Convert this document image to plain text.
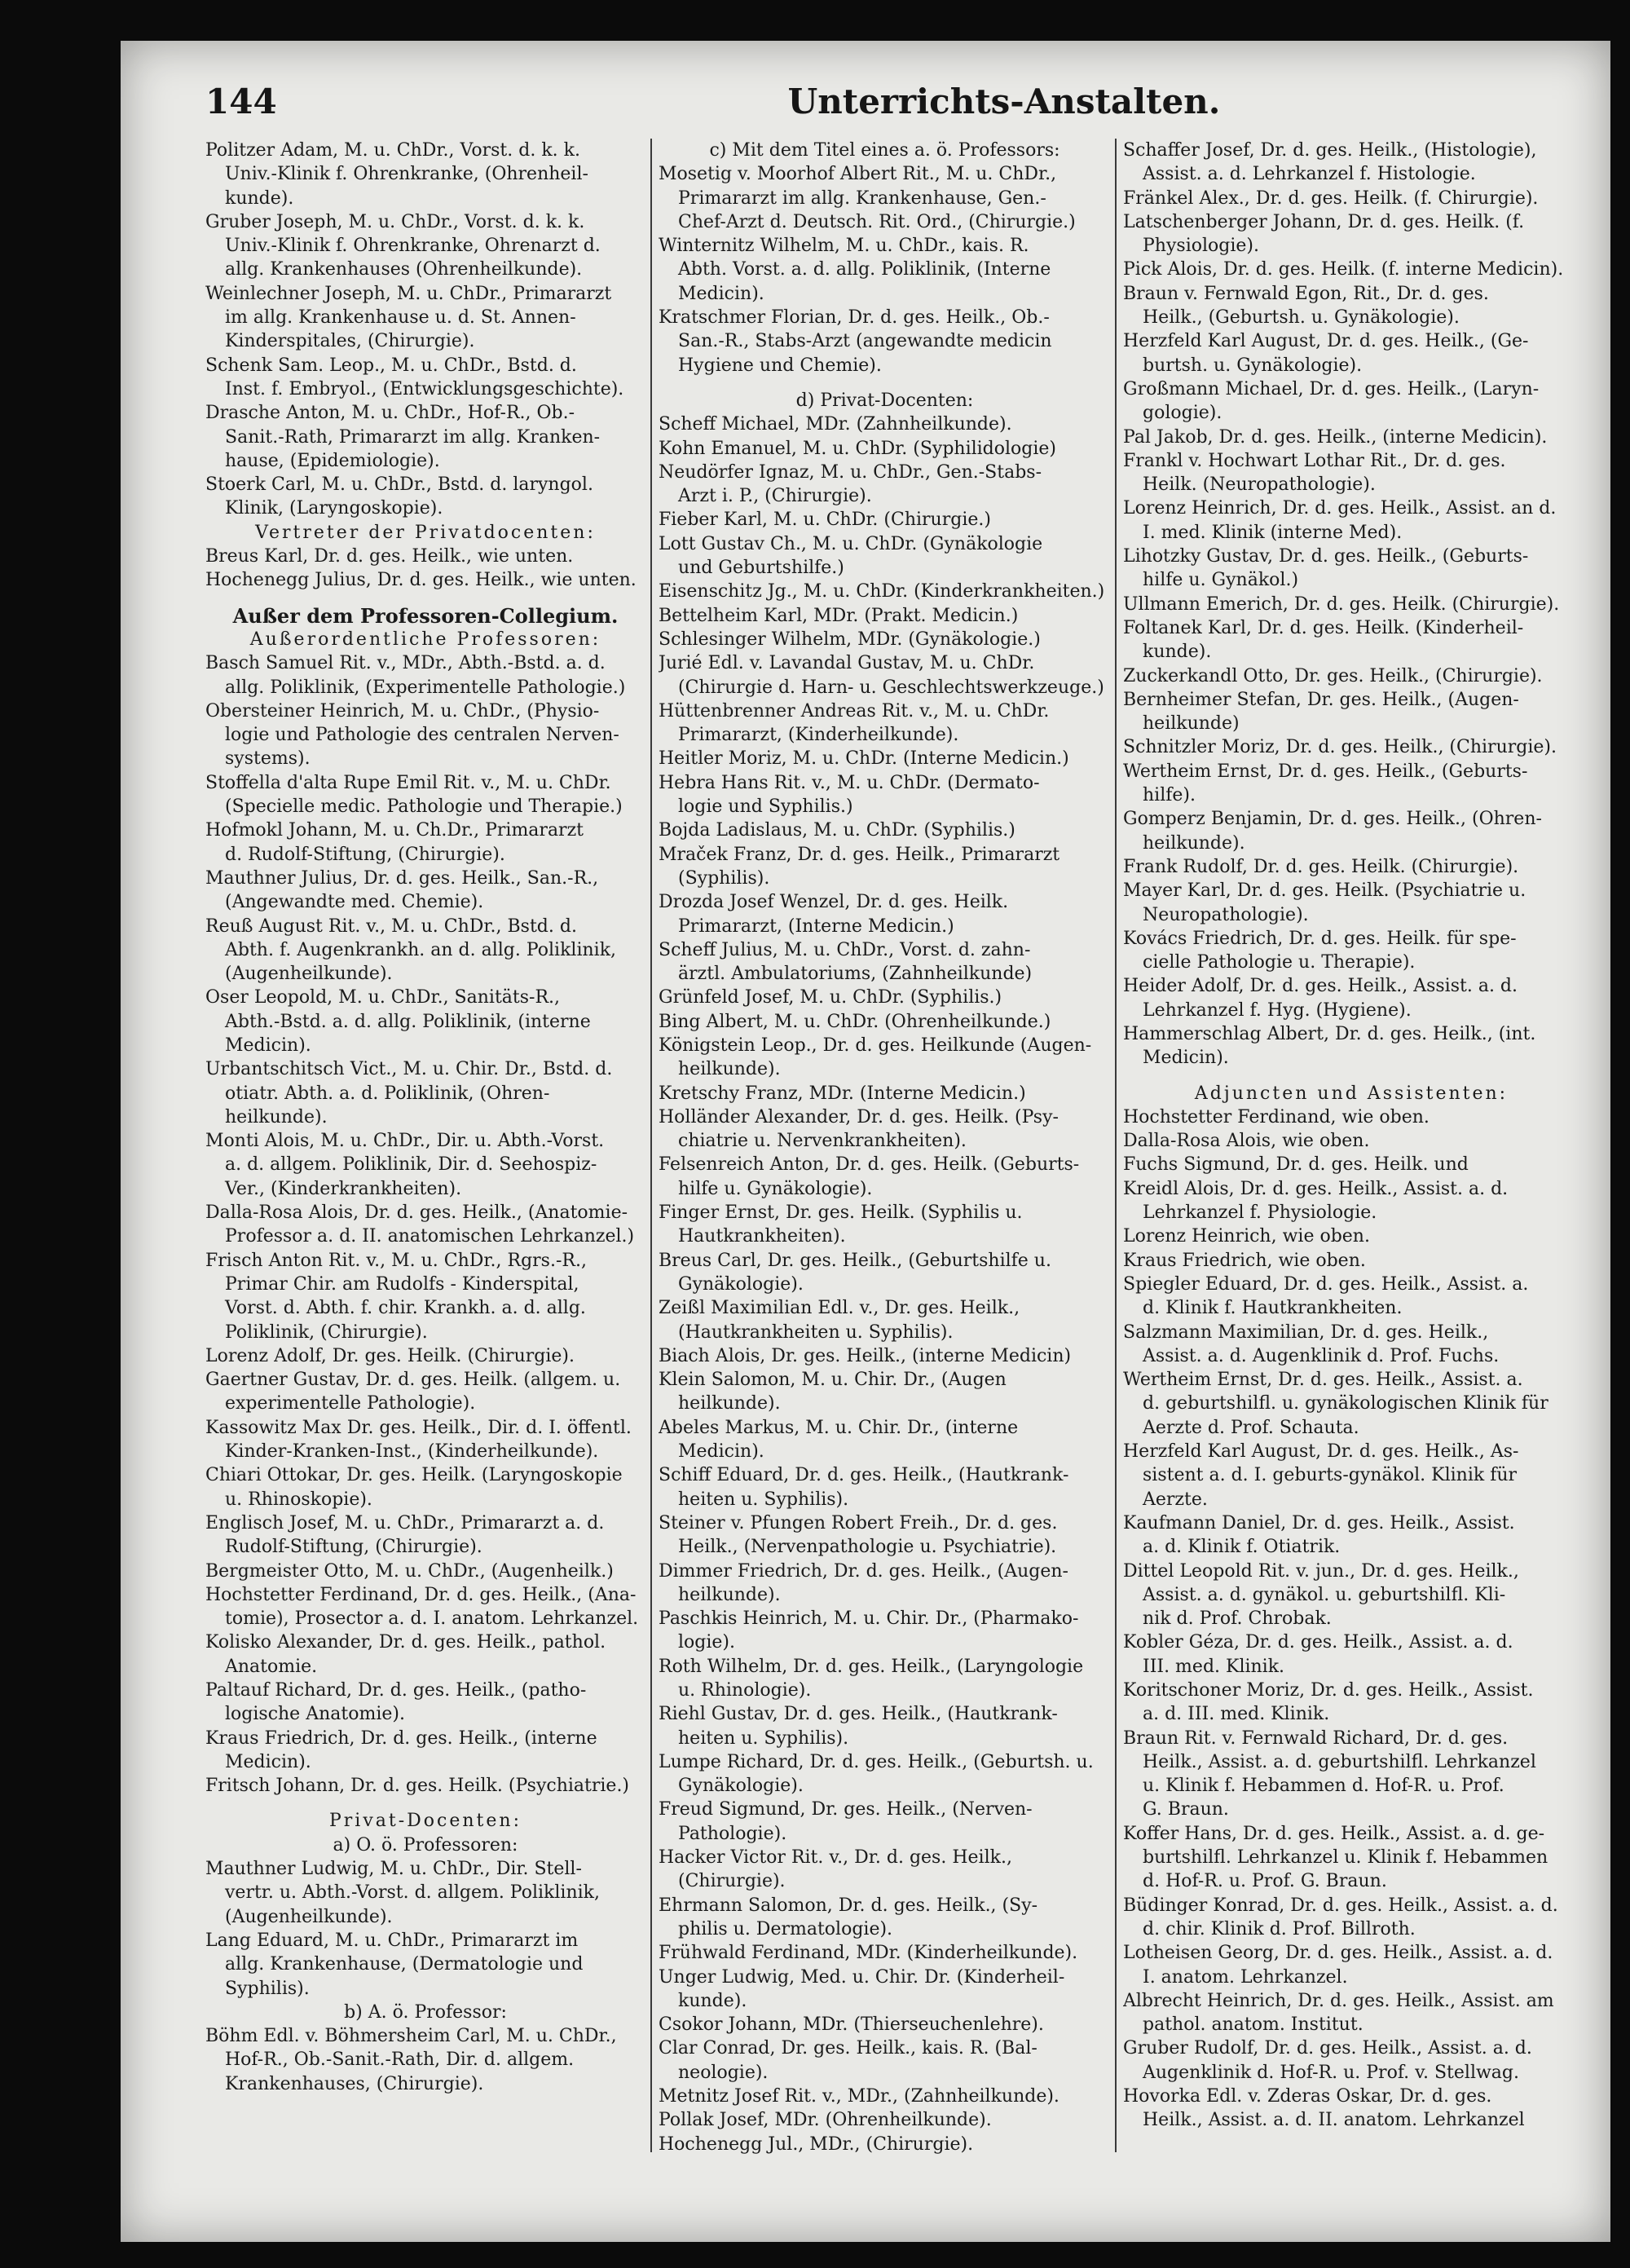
144	Unterrichts-Anstalten.
Politzer Adam, M. u. ChDr., Vorst. d. k. k.
Univ.-Klinik f. Ohrenkranke, (Ohrenheil-
kunde).
Gruber Joseph, M. u. ChDr., Vorst. d. k. k.
Univ.-Klinik f. Ohrenkranke, Ohrenarzt d.
allg. Krankenhauses (Ohrenheilkunde).
Weinlechner Joseph, M. u. ChDr., Primararzt
im allg. Krankenhause u. d. St. Annen-
Kinderspitales, (Chirurgie).
Schenk Sam. Leop., M. u. ChDr., Bstd. d.
Inst. f. Embryol., (Entwicklungsgeschichte).
Drasche Anton, M. u. ChDr., Hof-R., Ob.-
Sanit.-Rath, Primararzt im allg. Kranken-
hause, (Epidemiologie).
Stoerk Carl, M. u. ChDr., Bstd. d. laryngol.
Klinik, (Laryngoskopie).
Vertreter der Privatdocenten:
Breus Karl, Dr. d. ges. Heilk., wie unten.
Hochenegg Julius, Dr. d. ges. Heilk., wie unten.
Außer dem Professoren-Collegium.
Außerordentliche Professoren:
Basch Samuel Rit. v., MDr., Abth.-Bstd. a. d.
allg. Poliklinik, (Experimentelle Pathologie.)
Obersteiner Heinrich, M. u. ChDr., (Physio-
logie und Pathologie des centralen Nerven-
systems).
Stoffella d'alta Rupe Emil Rit. v., M. u. ChDr.
(Specielle medic. Pathologie und Therapie.)
Hofmokl Johann, M. u. Ch.Dr., Primararzt
d. Rudolf-Stiftung, (Chirurgie).
Mauthner Julius, Dr. d. ges. Heilk., San.-R.,
(Angewandte med. Chemie).
Reuß August Rit. v., M. u. ChDr., Bstd. d.
Abth. f. Augenkrankh. an d. allg. Poliklinik,
(Augenheilkunde).
Oser Leopold, M. u. ChDr., Sanitäts-R.,
Abth.-Bstd. a. d. allg. Poliklinik, (interne
Medicin).
Urbantschitsch Vict., M. u. Chir. Dr., Bstd. d.
otiatr. Abth. a. d. Poliklinik, (Ohren-
heilkunde).
Monti Alois, M. u. ChDr., Dir. u. Abth.-Vorst.
a. d. allgem. Poliklinik, Dir. d. Seehospiz-
Ver., (Kinderkrankheiten).
Dalla-Rosa Alois, Dr. d. ges. Heilk., (Anatomie-
Professor a. d. II. anatomischen Lehrkanzel.)
Frisch Anton Rit. v., M. u. ChDr., Rgrs.-R.,
Primar Chir. am Rudolfs - Kinderspital,
Vorst. d. Abth. f. chir. Krankh. a. d. allg.
Poliklinik, (Chirurgie).
Lorenz Adolf, Dr. ges. Heilk. (Chirurgie).
Gaertner Gustav, Dr. d. ges. Heilk. (allgem. u.
experimentelle Pathologie).
Kassowitz Max Dr. ges. Heilk., Dir. d. I. öffentl.
Kinder-Kranken-Inst., (Kinderheilkunde).
Chiari Ottokar, Dr. ges. Heilk. (Laryngoskopie
u. Rhinoskopie).
Englisch Josef, M. u. ChDr., Primararzt a. d.
Rudolf-Stiftung, (Chirurgie).
Bergmeister Otto, M. u. ChDr., (Augenheilk.)
Hochstetter Ferdinand, Dr. d. ges. Heilk., (Ana-
tomie), Prosector a. d. I. anatom. Lehrkanzel.
Kolisko Alexander, Dr. d. ges. Heilk., pathol.
Anatomie.
Paltauf Richard, Dr. d. ges. Heilk., (patho-
logische Anatomie).
Kraus Friedrich, Dr. d. ges. Heilk., (interne
Medicin).
Fritsch Johann, Dr. d. ges. Heilk. (Psychiatrie.)
Privat-Docenten:
a) O. ö. Professoren:
Mauthner Ludwig, M. u. ChDr., Dir. Stell-
vertr. u. Abth.-Vorst. d. allgem. Poliklinik,
(Augenheilkunde).
Lang Eduard, M. u. ChDr., Primararzt im
allg. Krankenhause, (Dermatologie und
Syphilis).
b) A. ö. Professor:
Böhm Edl. v. Böhmersheim Carl, M. u. ChDr.,
Hof-R., Ob.-Sanit.-Rath, Dir. d. allgem.
Krankenhauses, (Chirurgie).
c) Mit dem Titel eines a. ö. Professors:
Mosetig v. Moorhof Albert Rit., M. u. ChDr.,
Primararzt im allg. Krankenhause, Gen.-
Chef-Arzt d. Deutsch. Rit. Ord., (Chirurgie.)
Winternitz Wilhelm, M. u. ChDr., kais. R.
Abth. Vorst. a. d. allg. Poliklinik, (Interne
Medicin).
Kratschmer Florian, Dr. d. ges. Heilk., Ob.-
San.-R., Stabs-Arzt (angewandte medicin
Hygiene und Chemie).
d) Privat-Docenten:
Scheff Michael, MDr. (Zahnheilkunde).
Kohn Emanuel, M. u. ChDr. (Syphilidologie)
Neudörfer Ignaz, M. u. ChDr., Gen.-Stabs-
Arzt i. P., (Chirurgie).
Fieber Karl, M. u. ChDr. (Chirurgie.)
Lott Gustav Ch., M. u. ChDr. (Gynäkologie
und Geburtshilfe.)
Eisenschitz Jg., M. u. ChDr. (Kinderkrankheiten.)
Bettelheim Karl, MDr. (Prakt. Medicin.)
Schlesinger Wilhelm, MDr. (Gynäkologie.)
Jurié Edl. v. Lavandal Gustav, M. u. ChDr.
(Chirurgie d. Harn- u. Geschlechtswerkzeuge.)
Hüttenbrenner Andreas Rit. v., M. u. ChDr.
Primararzt, (Kinderheilkunde).
Heitler Moriz, M. u. ChDr. (Interne Medicin.)
Hebra Hans Rit. v., M. u. ChDr. (Dermato-
logie und Syphilis.)
Bojda Ladislaus, M. u. ChDr. (Syphilis.)
Mraček Franz, Dr. d. ges. Heilk., Primararzt
(Syphilis).
Drozda Josef Wenzel, Dr. d. ges. Heilk.
Primararzt, (Interne Medicin.)
Scheff Julius, M. u. ChDr., Vorst. d. zahn-
ärztl. Ambulatoriums, (Zahnheilkunde)
Grünfeld Josef, M. u. ChDr. (Syphilis.)
Bing Albert, M. u. ChDr. (Ohrenheilkunde.)
Königstein Leop., Dr. d. ges. Heilkunde (Augen-
heilkunde).
Kretschy Franz, MDr. (Interne Medicin.)
Holländer Alexander, Dr. d. ges. Heilk. (Psy-
chiatrie u. Nervenkrankheiten).
Felsenreich Anton, Dr. d. ges. Heilk. (Geburts-
hilfe u. Gynäkologie).
Finger Ernst, Dr. ges. Heilk. (Syphilis u.
Hautkrankheiten).
Breus Carl, Dr. ges. Heilk., (Geburtshilfe u.
Gynäkologie).
Zeißl Maximilian Edl. v., Dr. ges. Heilk.,
(Hautkrankheiten u. Syphilis).
Biach Alois, Dr. ges. Heilk., (interne Medicin)
Klein Salomon, M. u. Chir. Dr., (Augen
heilkunde).
Abeles Markus, M. u. Chir. Dr., (interne
Medicin).
Schiff Eduard, Dr. d. ges. Heilk., (Hautkrank-
heiten u. Syphilis).
Steiner v. Pfungen Robert Freih., Dr. d. ges.
Heilk., (Nervenpathologie u. Psychiatrie).
Dimmer Friedrich, Dr. d. ges. Heilk., (Augen-
heilkunde).
Paschkis Heinrich, M. u. Chir. Dr., (Pharmako-
logie).
Roth Wilhelm, Dr. d. ges. Heilk., (Laryngologie
u. Rhinologie).
Riehl Gustav, Dr. d. ges. Heilk., (Hautkrank-
heiten u. Syphilis).
Lumpe Richard, Dr. d. ges. Heilk., (Geburtsh. u.
Gynäkologie).
Freud Sigmund, Dr. ges. Heilk., (Nerven-
Pathologie).
Hacker Victor Rit. v., Dr. d. ges. Heilk.,
(Chirurgie).
Ehrmann Salomon, Dr. d. ges. Heilk., (Sy-
philis u. Dermatologie).
Frühwald Ferdinand, MDr. (Kinderheilkunde).
Unger Ludwig, Med. u. Chir. Dr. (Kinderheil-
kunde).
Csokor Johann, MDr. (Thierseuchenlehre).
Clar Conrad, Dr. ges. Heilk., kais. R. (Bal-
neologie).
Metnitz Josef Rit. v., MDr., (Zahnheilkunde).
Pollak Josef, MDr. (Ohrenheilkunde).
Hochenegg Jul., MDr., (Chirurgie).
Schaffer Josef, Dr. d. ges. Heilk., (Histologie),
Assist. a. d. Lehrkanzel f. Histologie.
Fränkel Alex., Dr. d. ges. Heilk. (f. Chirurgie).
Latschenberger Johann, Dr. d. ges. Heilk. (f.
Physiologie).
Pick Alois, Dr. d. ges. Heilk. (f. interne Medicin).
Braun v. Fernwald Egon, Rit., Dr. d. ges.
Heilk., (Geburtsh. u. Gynäkologie).
Herzfeld Karl August, Dr. d. ges. Heilk., (Ge-
burtsh. u. Gynäkologie).
Großmann Michael, Dr. d. ges. Heilk., (Laryn-
gologie).
Pal Jakob, Dr. d. ges. Heilk., (interne Medicin).
Frankl v. Hochwart Lothar Rit., Dr. d. ges.
Heilk. (Neuropathologie).
Lorenz Heinrich, Dr. d. ges. Heilk., Assist. an d.
I. med. Klinik (interne Med).
Lihotzky Gustav, Dr. d. ges. Heilk., (Geburts-
hilfe u. Gynäkol.)
Ullmann Emerich, Dr. d. ges. Heilk. (Chirurgie).
Foltanek Karl, Dr. d. ges. Heilk. (Kinderheil-
kunde).
Zuckerkandl Otto, Dr. ges. Heilk., (Chirurgie).
Bernheimer Stefan, Dr. ges. Heilk., (Augen-
heilkunde)
Schnitzler Moriz, Dr. d. ges. Heilk., (Chirurgie).
Wertheim Ernst, Dr. d. ges. Heilk., (Geburts-
hilfe).
Gomperz Benjamin, Dr. d. ges. Heilk., (Ohren-
heilkunde).
Frank Rudolf, Dr. d. ges. Heilk. (Chirurgie).
Mayer Karl, Dr. d. ges. Heilk. (Psychiatrie u.
Neuropathologie).
Kovács Friedrich, Dr. d. ges. Heilk. für spe-
cielle Pathologie u. Therapie).
Heider Adolf, Dr. d. ges. Heilk., Assist. a. d.
Lehrkanzel f. Hyg. (Hygiene).
Hammerschlag Albert, Dr. d. ges. Heilk., (int.
Medicin).
Adjuncten und Assistenten:
Hochstetter Ferdinand, wie oben.
Dalla-Rosa Alois, wie oben.
Fuchs Sigmund, Dr. d. ges. Heilk. und
Kreidl Alois, Dr. d. ges. Heilk., Assist. a. d.
Lehrkanzel f. Physiologie.
Lorenz Heinrich, wie oben.
Kraus Friedrich, wie oben.
Spiegler Eduard, Dr. d. ges. Heilk., Assist. a.
d. Klinik f. Hautkrankheiten.
Salzmann Maximilian, Dr. d. ges. Heilk.,
Assist. a. d. Augenklinik d. Prof. Fuchs.
Wertheim Ernst, Dr. d. ges. Heilk., Assist. a.
d. geburtshilfl. u. gynäkologischen Klinik für
Aerzte d. Prof. Schauta.
Herzfeld Karl August, Dr. d. ges. Heilk., As-
sistent a. d. I. geburts-gynäkol. Klinik für
Aerzte.
Kaufmann Daniel, Dr. d. ges. Heilk., Assist.
a. d. Klinik f. Otiatrik.
Dittel Leopold Rit. v. jun., Dr. d. ges. Heilk.,
Assist. a. d. gynäkol. u. geburtshilfl. Kli-
nik d. Prof. Chrobak.
Kobler Géza, Dr. d. ges. Heilk., Assist. a. d.
III. med. Klinik.
Koritschoner Moriz, Dr. d. ges. Heilk., Assist.
a. d. III. med. Klinik.
Braun Rit. v. Fernwald Richard, Dr. d. ges.
Heilk., Assist. a. d. geburtshilfl. Lehrkanzel
u. Klinik f. Hebammen d. Hof-R. u. Prof.
G. Braun.
Koffer Hans, Dr. d. ges. Heilk., Assist. a. d. ge-
burtshilfl. Lehrkanzel u. Klinik f. Hebammen
d. Hof-R. u. Prof. G. Braun.
Büdinger Konrad, Dr. d. ges. Heilk., Assist. a. d.
d. chir. Klinik d. Prof. Billroth.
Lotheisen Georg, Dr. d. ges. Heilk., Assist. a. d.
I. anatom. Lehrkanzel.
Albrecht Heinrich, Dr. d. ges. Heilk., Assist. am
pathol. anatom. Institut.
Gruber Rudolf, Dr. d. ges. Heilk., Assist. a. d.
Augenklinik d. Hof-R. u. Prof. v. Stellwag.
Hovorka Edl. v. Zderas Oskar, Dr. d. ges.
Heilk., Assist. a. d. II. anatom. Lehrkanzel
